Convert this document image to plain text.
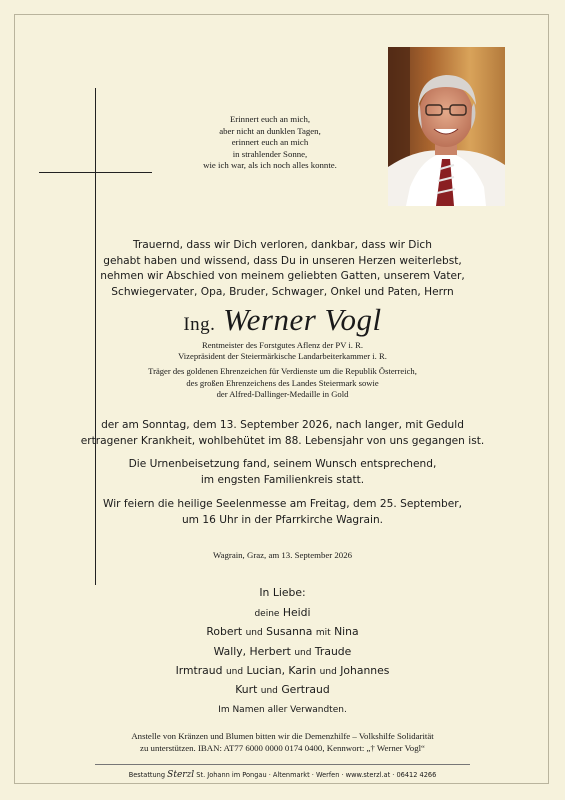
Erinnert euch an mich,
aber nicht an dunklen Tagen,
erinnert euch an mich
in strahlender Sonne,
wie ich war, als ich noch alles konnte.
Trauernd, dass wir Dich verloren, dankbar, dass wir Dich
gehabt haben und wissend, dass Du in unseren Herzen weiterlebst,
nehmen wir Abschied von meinem geliebten Gatten, unserem Vater,
Schwiegervater, Opa, Bruder, Schwager, Onkel und Paten, Herrn
Ing. Werner Vogl
Rentmeister des Forstgutes Aflenz der PV i. R.
Vizepräsident der Steiermärkische Landarbeiterkammer i. R.
Träger des goldenen Ehrenzeichen für Verdienste um die Republik Österreich,
des großen Ehrenzeichens des Landes Steiermark sowie
der Alfred-Dallinger-Medaille in Gold
der am Sonntag, dem 13. September 2026, nach langer, mit Geduld
ertragener Krankheit, wohlbehütet im 88. Lebensjahr von uns gegangen ist.
Die Urnenbeisetzung fand, seinem Wunsch entsprechend,
im engsten Familienkreis statt.
Wir feiern die heilige Seelenmesse am Freitag, dem 25. September,
um 16 Uhr in der Pfarrkirche Wagrain.
Wagrain, Graz, am 13. September 2026
In Liebe:
deine Heidi
Robert und Susanna mit Nina
Wally, Herbert und Traude
Irmtraud und Lucian, Karin und Johannes
Kurt und Gertraud
Im Namen aller Verwandten.
Anstelle von Kränzen und Blumen bitten wir die Demenzhilfe – Volkshilfe Solidarität
zu unterstützen. IBAN: AT77 6000 0000 0174 0400, Kennwort: „† Werner Vogl“
Bestattung Sterzl St. Johann im Pongau · Altenmarkt · Werfen · www.sterzl.at · 06412 4266
